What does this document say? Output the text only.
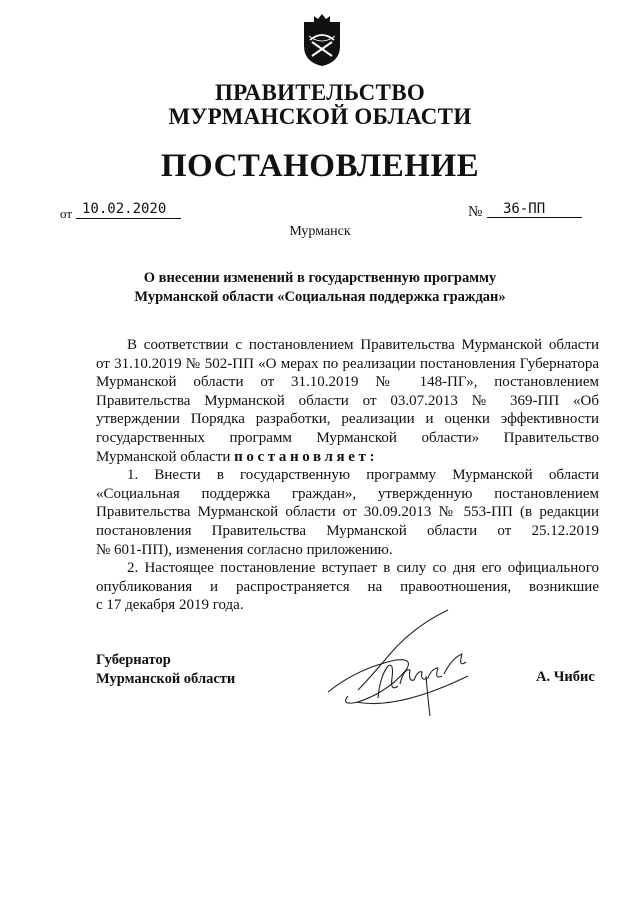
ПРАВИТЕЛЬСТВО
МУРМАНСКОЙ ОБЛАСТИ
ПОСТАНОВЛЕНИЕ
от 10.02.2020	№	36-ПП
Мурманск
О внесении изменений в государственную программу
Мурманской области «Социальная поддержка граждан»
В соответствии с постановлением Правительства Мурманской области
от 31.10.2019 № 502-ПП «О мерах по реализации постановления Губернатора
Мурманской области от 31.10.2019 № 148-ПГ», постановлением
Правительства Мурманской области от 03.07.2013 № 369-ПП «Об
утверждении Порядка разработки, реализации и оценки эффективности
государственных программ Мурманской области» Правительство
Мурманской области постановляет:
1. Внести в государственную программу Мурманской области
«Социальная поддержка граждан», утвержденную постановлением
Правительства Мурманской области от 30.09.2013 № 553-ПП (в редакции
постановления Правительства Мурманской области от 25.12.2019
№ 601-ПП), изменения согласно приложению.
2. Настоящее постановление вступает в силу со дня его официального
опубликования и распространяется на правоотношения, возникшие
с 17 декабря 2019 года.
Губернатор
Мурманской области	А. Чибис
